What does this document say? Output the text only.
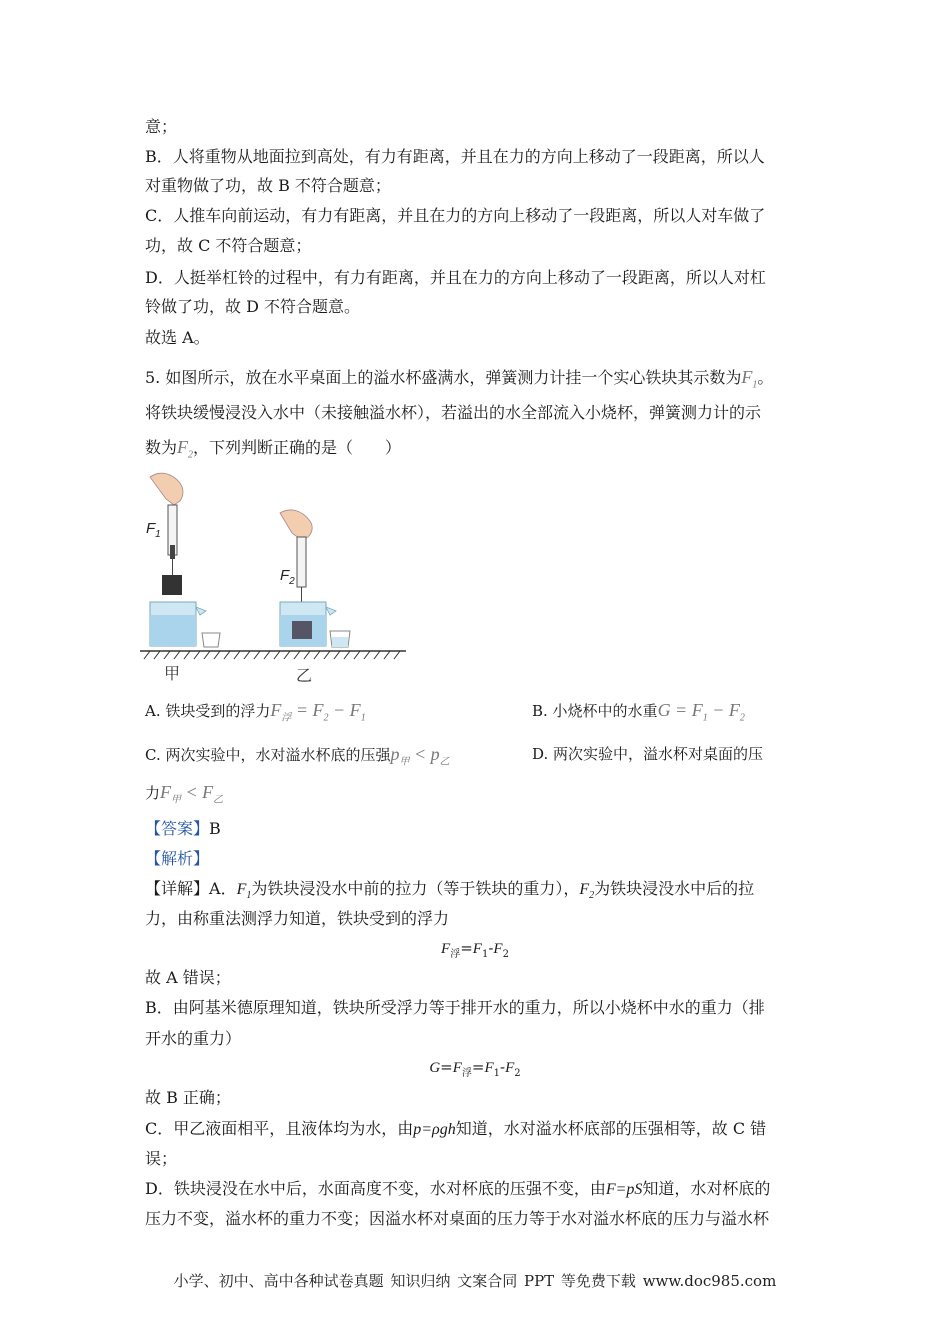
意；
B．人将重物从地面拉到高处，有力有距离，并且在力的方向上移动了一段距离，所以人
对重物做了功，故 B 不符合题意；
C．人推车向前运动，有力有距离，并且在力的方向上移动了一段距离，所以人对车做了
功，故 C 不符合题意；
D．人挺举杠铃的过程中，有力有距离，并且在力的方向上移动了一段距离，所以人对杠
铃做了功，故 D 不符合题意。
故选 A。
5. 如图所示，放在水平桌面上的溢水杯盛满水，弹簧测力计挂一个实心铁块其示数为$F_1$。
将铁块缓慢浸没入水中（未接触溢水杯），若溢出的水全部流入小烧杯，弹簧测力计的示
数为$F_2$，下列判断正确的是（　　）
$F_1$
$F_2$
甲	乙
A. 铁块受到的浮力$F_浮 = F_2 - F_1$	B. 小烧杯中的水重$G = F_1 - F_2$
C. 两次实验中，水对溢水杯底的压强$p_甲 < p_乙$	D. 两次实验中，溢水杯对桌面的压
力$F_甲 < F_乙$
【答案】B
【解析】
【详解】A．$F_1$为铁块浸没水中前的拉力（等于铁块的重力），$F_2$为铁块浸没水中后的拉
力，由称重法测浮力知道，铁块受到的浮力
$F_浮=F_1-F_2$
故 A 错误；
B．由阿基米德原理知道，铁块所受浮力等于排开水的重力，所以小烧杯中水的重力（排
开水的重力）
$G=F_浮=F_1-F_2$
故 B 正确；
C．甲乙液面相平，且液体均为水，由p=ρgh知道，水对溢水杯底部的压强相等，故 C 错
误；
D．铁块浸没在水中后，水面高度不变，水对杯底的压强不变，由F=pS知道，水对杯底的
压力不变，溢水杯的重力不变；因溢水杯对桌面的压力等于水对溢水杯底的压力与溢水杯
小学、初中、高中各种试卷真题 知识归纳 文案合同 PPT 等免费下载 www.doc985.com
